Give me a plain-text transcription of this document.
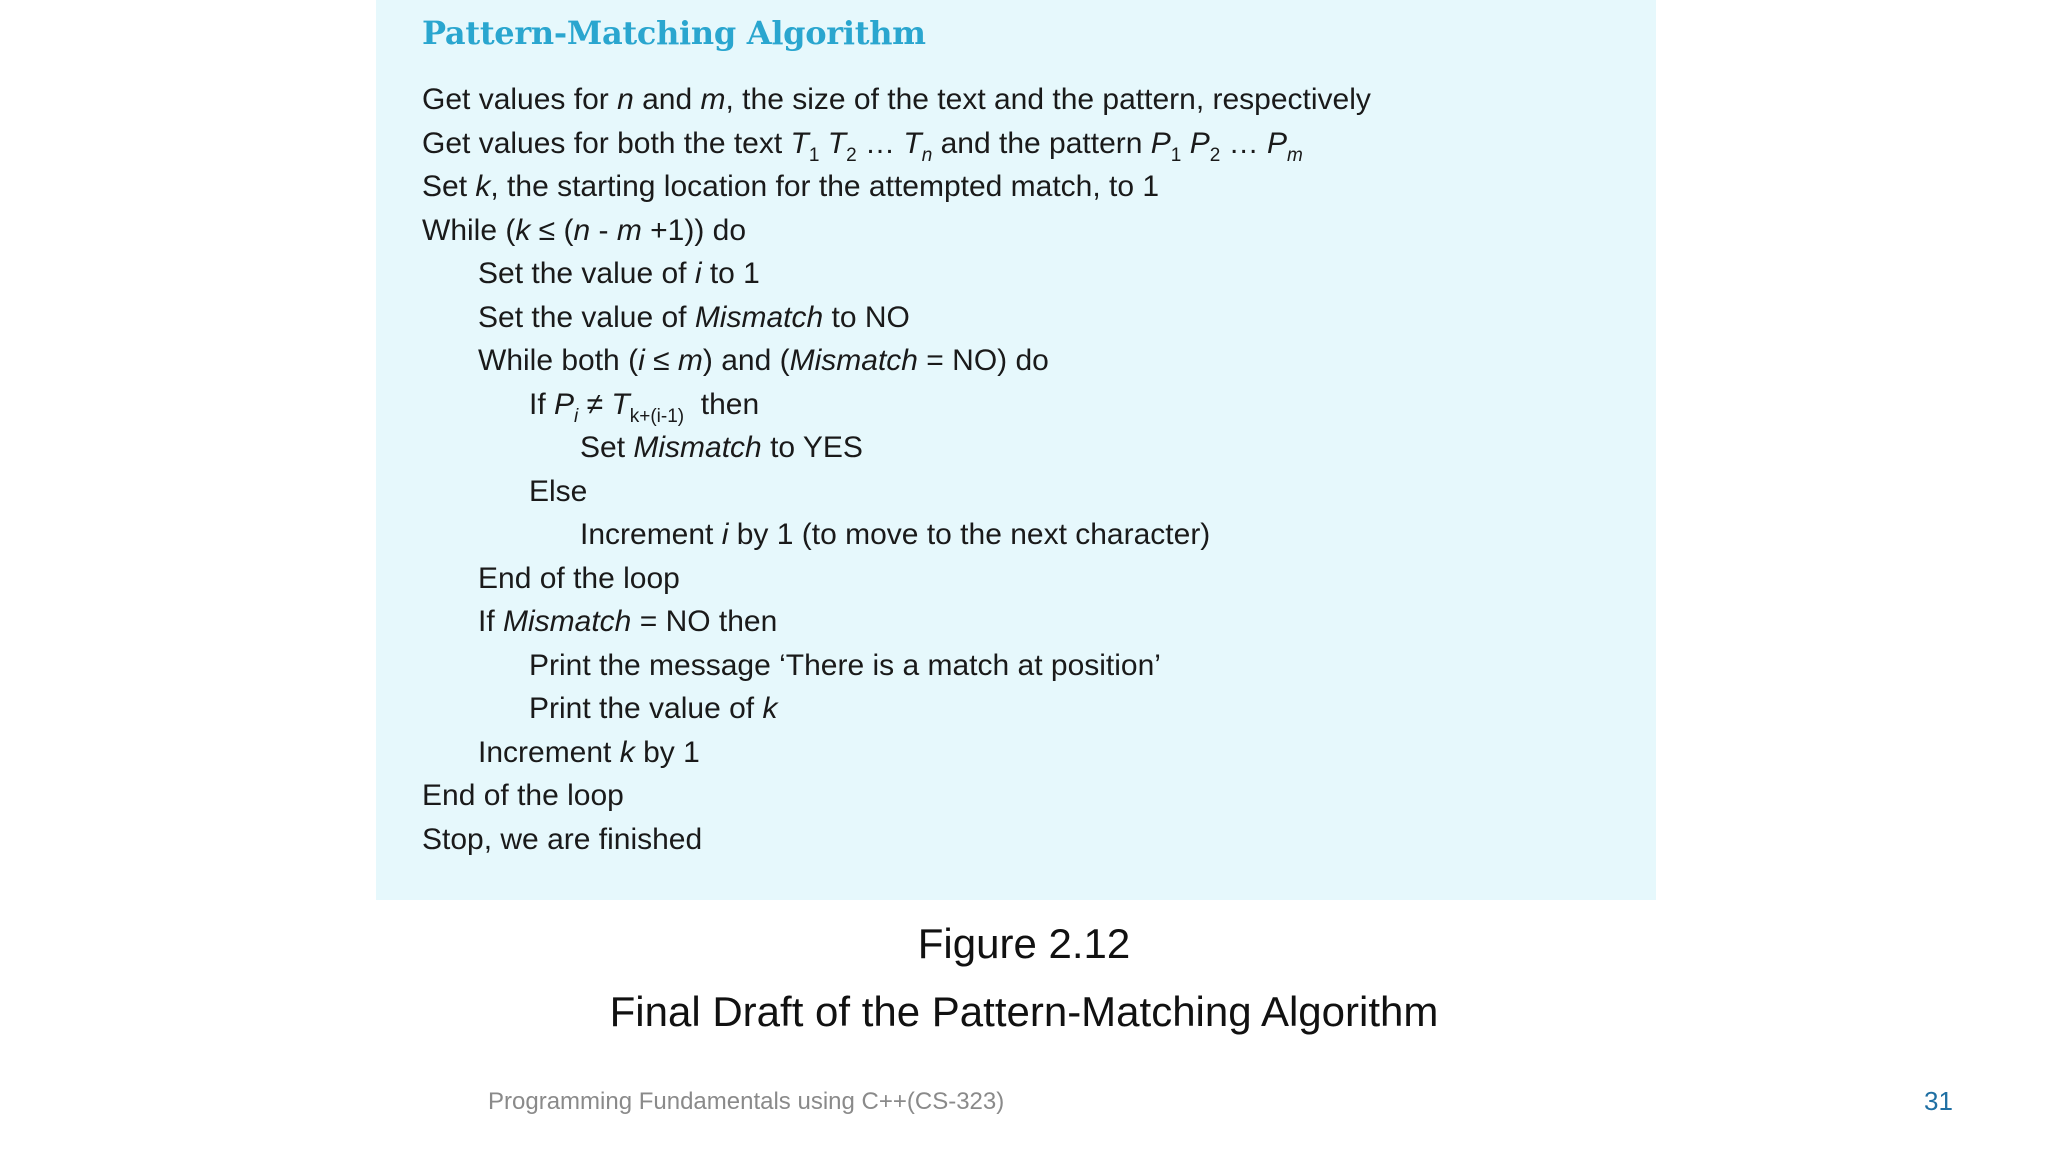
Pattern-Matching Algorithm
Get values for n and m, the size of the text and the pattern, respectively
Get values for both the text $T_1$ $T_2$ … $T_n$ and the pattern $P_1$ $P_2$ … $P_m$
Set k, the starting location for the attempted match, to 1
While (k ≤ (n - m +1)) do
Set the value of i to 1
Set the value of Mismatch to NO
While both (i ≤ m) and (Mismatch = NO) do
If $P_i \ne T_{k+(i-1)}$  then
Set Mismatch to YES
Else
Increment i by 1 (to move to the next character)
End of the loop
If Mismatch = NO then
Print the message ‘There is a match at position’
Print the value of k
Increment k by 1
End of the loop
Stop, we are finished
Figure 2.12
Final Draft of the Pattern-Matching Algorithm
Programming Fundamentals using C++(CS-323)	31
